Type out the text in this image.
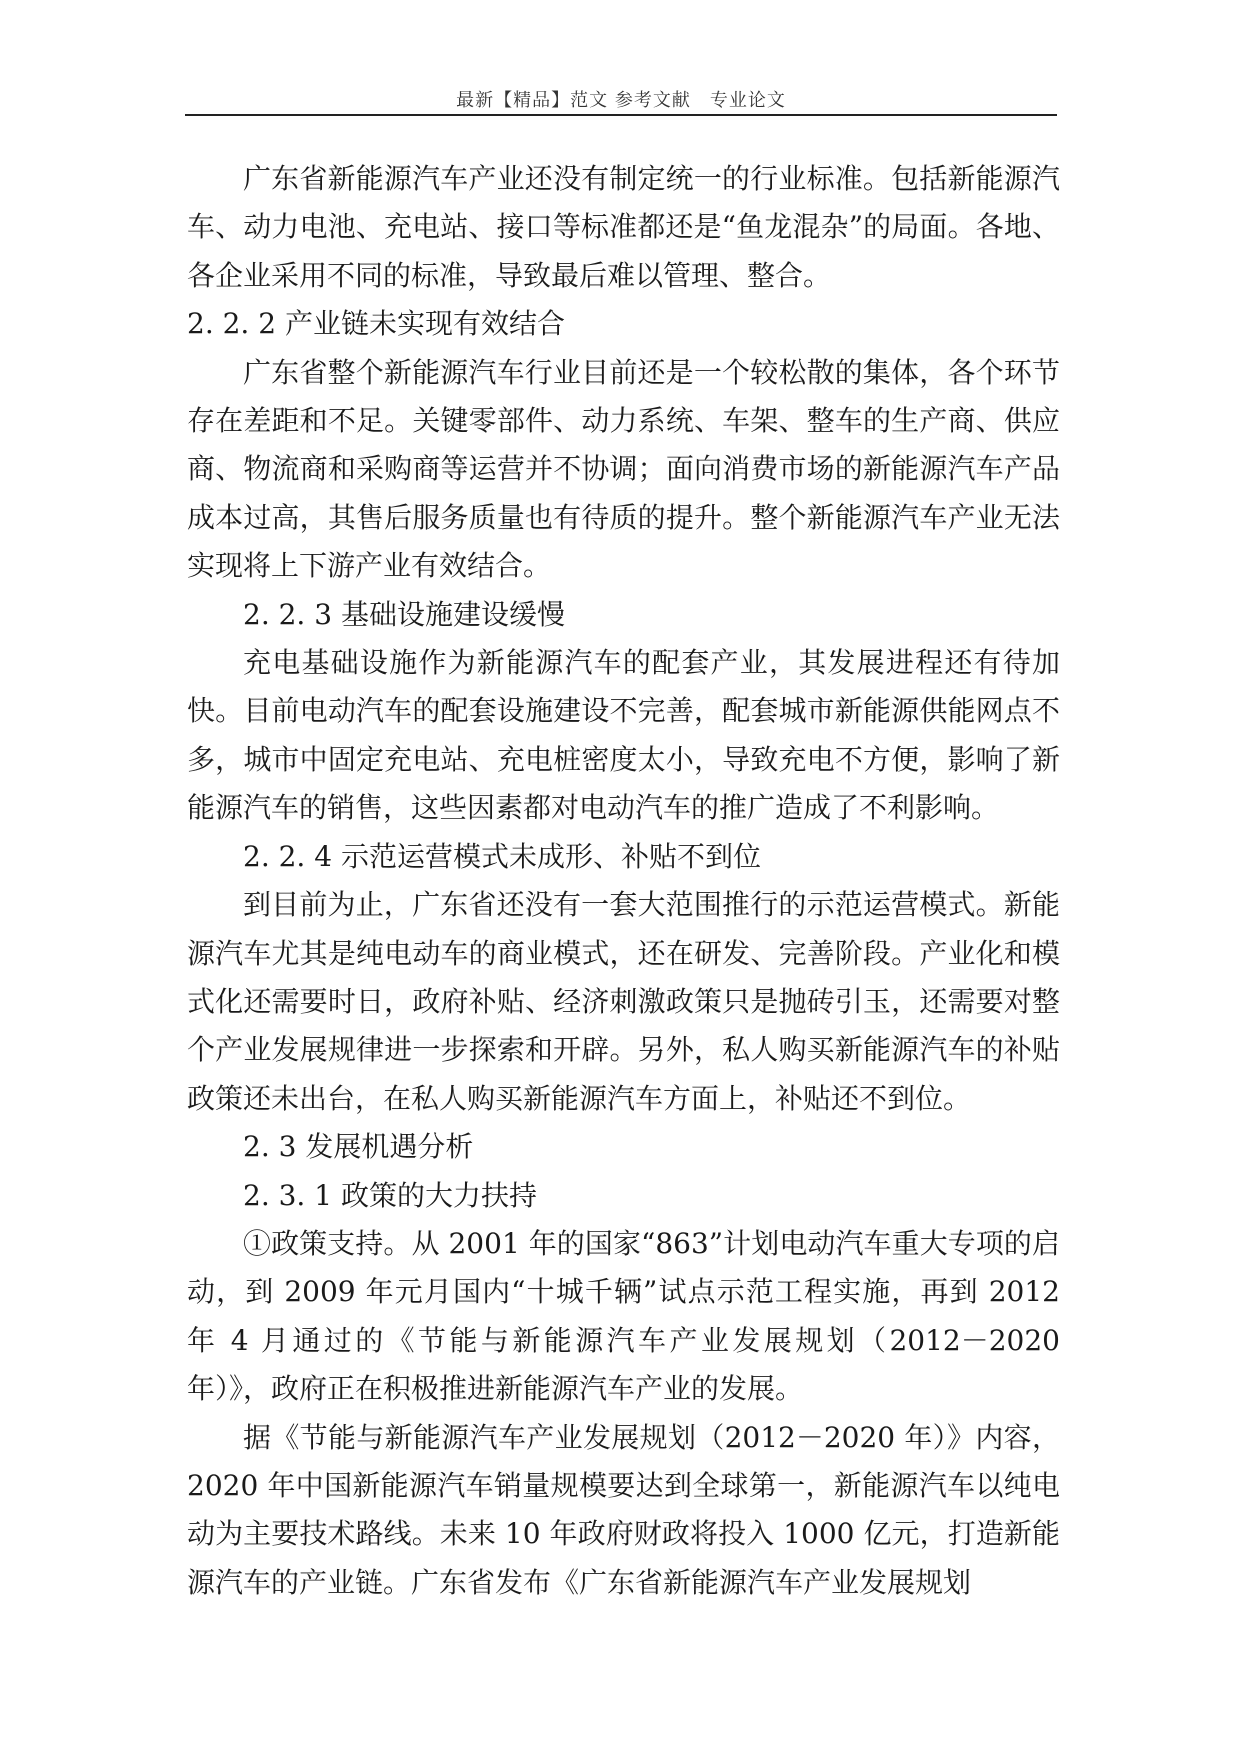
最新【精品】范文 参考文献　专业论文

广东省新能源汽车产业还没有制定统一的行业标准。包括新能源汽车、动力电池、充电站、接口等标准都还是“鱼龙混杂”的局面。各地、各企业采用不同的标准，导致最后难以管理、整合。

2. 2. 2 产业链未实现有效结合

广东省整个新能源汽车行业目前还是一个较松散的集体，各个环节存在差距和不足。关键零部件、动力系统、车架、整车的生产商、供应商、物流商和采购商等运营并不协调；面向消费市场的新能源汽车产品成本过高，其售后服务质量也有待质的提升。整个新能源汽车产业无法实现将上下游产业有效结合。

2. 2. 3 基础设施建设缓慢

充电基础设施作为新能源汽车的配套产业，其发展进程还有待加快。目前电动汽车的配套设施建设不完善，配套城市新能源供能网点不多，城市中固定充电站、充电桩密度太小，导致充电不方便，影响了新能源汽车的销售，这些因素都对电动汽车的推广造成了不利影响。

2. 2. 4 示范运营模式未成形、补贴不到位

到目前为止，广东省还没有一套大范围推行的示范运营模式。新能源汽车尤其是纯电动车的商业模式，还在研发、完善阶段。产业化和模式化还需要时日，政府补贴、经济刺激政策只是抛砖引玉，还需要对整个产业发展规律进一步探索和开辟。另外，私人购买新能源汽车的补贴政策还未出台，在私人购买新能源汽车方面上，补贴还不到位。

2. 3 发展机遇分析

2. 3. 1 政策的大力扶持

①政策支持。从 2001 年的国家“863”计划电动汽车重大专项的启动，到 2009 年元月国内“十城千辆”试点示范工程实施，再到 2012 年 4 月通过的《节能与新能源汽车产业发展规划（2012－2020 年）》，政府正在积极推进新能源汽车产业的发展。

据《节能与新能源汽车产业发展规划（2012－2020 年）》内容，2020 年中国新能源汽车销量规模要达到全球第一，新能源汽车以纯电动为主要技术路线。未来 10 年政府财政将投入 1000 亿元，打造新能源汽车的产业链。广东省发布《广东省新能源汽车产业发展规划
